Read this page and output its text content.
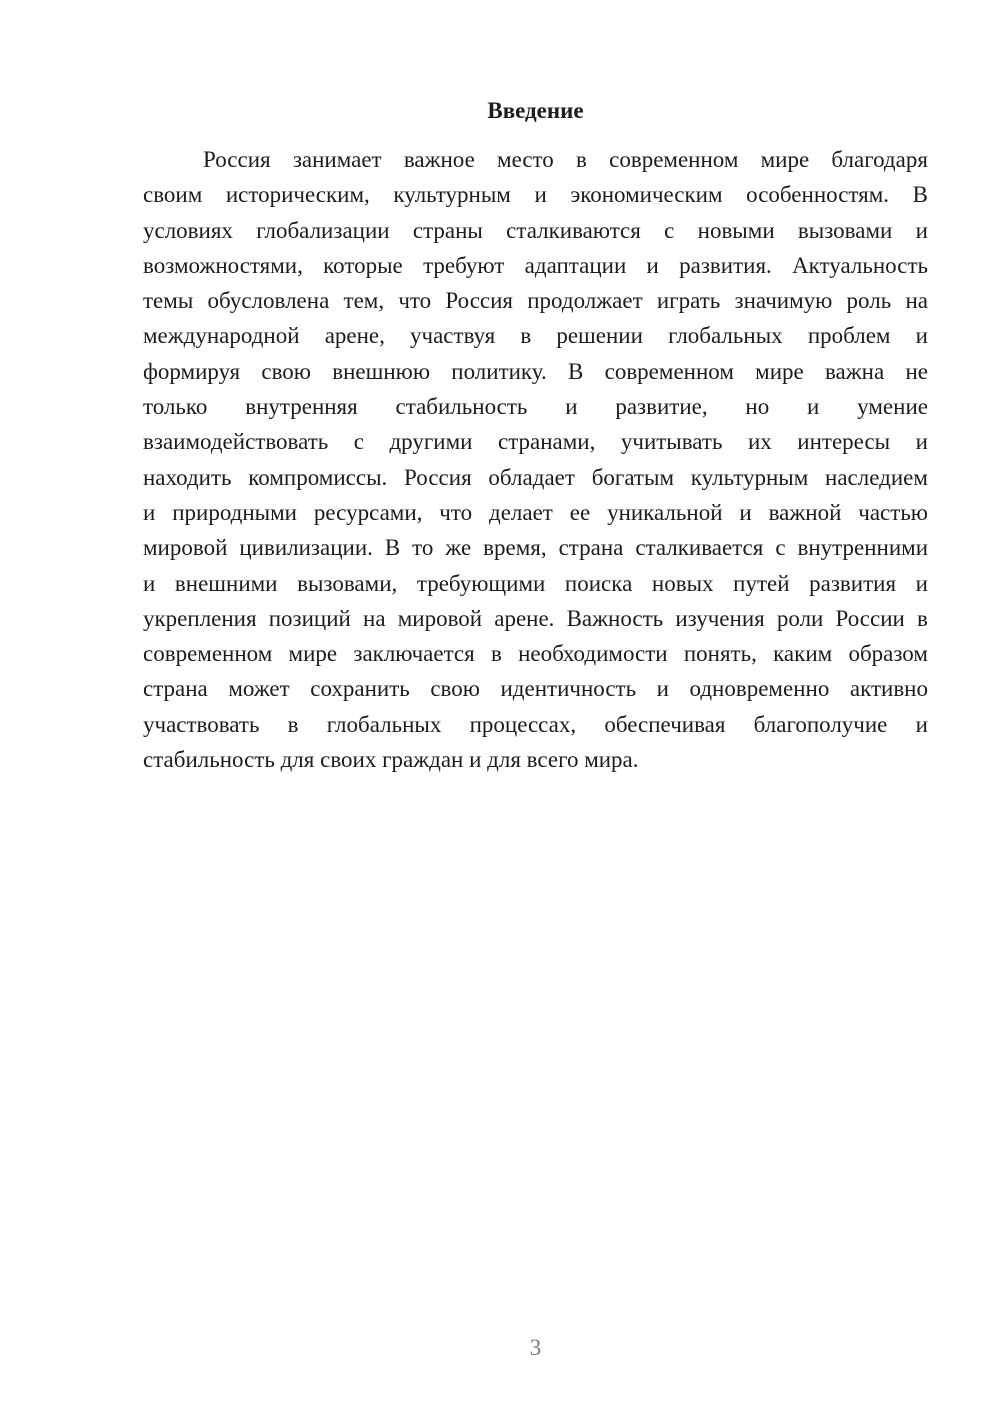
Введение
Россия занимает важное место в современном мире благодаря
своим историческим, культурным и экономическим особенностям. В
условиях глобализации страны сталкиваются с новыми вызовами и
возможностями, которые требуют адаптации и развития. Актуальность
темы обусловлена тем, что Россия продолжает играть значимую роль на
международной арене, участвуя в решении глобальных проблем и
формируя свою внешнюю политику. В современном мире важна не
только внутренняя стабильность и развитие, но и умение
взаимодействовать с другими странами, учитывать их интересы и
находить компромиссы. Россия обладает богатым культурным наследием
и природными ресурсами, что делает ее уникальной и важной частью
мировой цивилизации. В то же время, страна сталкивается с внутренними
и внешними вызовами, требующими поиска новых путей развития и
укрепления позиций на мировой арене. Важность изучения роли России в
современном мире заключается в необходимости понять, каким образом
страна может сохранить свою идентичность и одновременно активно
участвовать в глобальных процессах, обеспечивая благополучие и
стабильность для своих граждан и для всего мира.
3
